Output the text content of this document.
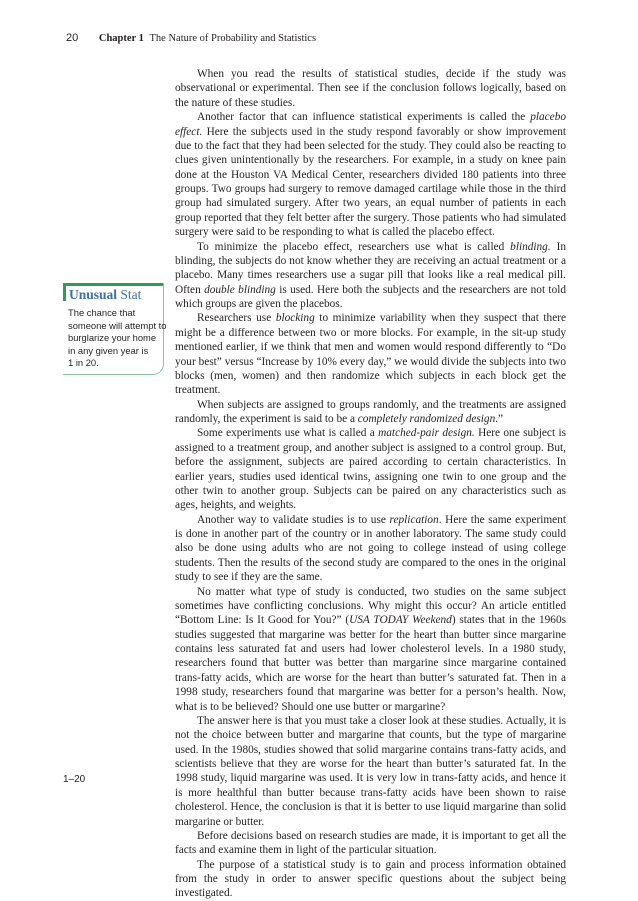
20 Chapter 1 The Nature of Probability and Statistics
Unusual Stat
The chance that
someone will attempt to
burglarize your home
in any given year is
1 in 20.

When you read the results of statistical studies, decide if the study was observational or experimental. Then see if the conclusion follows logically, based on the nature of these studies.

Another factor that can influence statistical experiments is called the placebo effect. Here the subjects used in the study respond favorably or show improvement due to the fact that they had been selected for the study. They could also be reacting to clues given unintentionally by the researchers. For example, in a study on knee pain done at the Houston VA Medical Center, researchers divided 180 patients into three groups. Two groups had surgery to remove damaged cartilage while those in the third group had simulated surgery. After two years, an equal number of patients in each group reported that they felt better after the surgery. Those patients who had simulated surgery were said to be responding to what is called the placebo effect.

To minimize the placebo effect, researchers use what is called blinding. In blinding, the subjects do not know whether they are receiving an actual treatment or a placebo. Many times researchers use a sugar pill that looks like a real medical pill. Often double blinding is used. Here both the subjects and the researchers are not told which groups are given the placebos.

Researchers use blocking to minimize variability when they suspect that there might be a difference between two or more blocks. For example, in the sit-up study mentioned earlier, if we think that men and women would respond differently to “Do your best” versus “Increase by 10% every day,” we would divide the subjects into two blocks (men, women) and then randomize which subjects in each block get the treatment.

When subjects are assigned to groups randomly, and the treatments are assigned randomly, the experiment is said to be a completely randomized design.”

Some experiments use what is called a matched-pair design. Here one subject is assigned to a treatment group, and another subject is assigned to a control group. But, before the assignment, subjects are paired according to certain characteristics. In earlier years, studies used identical twins, assigning one twin to one group and the other twin to another group. Subjects can be paired on any characteristics such as ages, heights, and weights.

Another way to validate studies is to use replication. Here the same experiment is done in another part of the country or in another laboratory. The same study could also be done using adults who are not going to college instead of using college students. Then the results of the second study are compared to the ones in the original study to see if they are the same.

No matter what type of study is conducted, two studies on the same subject sometimes have conflicting conclusions. Why might this occur? An article entitled “Bottom Line: Is It Good for You?” (USA TODAY Weekend) states that in the 1960s studies suggested that margarine was better for the heart than butter since margarine contains less saturated fat and users had lower cholesterol levels. In a 1980 study, researchers found that butter was better than margarine since margarine contained trans-fatty acids, which are worse for the heart than butter’s saturated fat. Then in a 1998 study, researchers found that margarine was better for a person’s health. Now, what is to be believed? Should one use butter or margarine?

The answer here is that you must take a closer look at these studies. Actually, it is not the choice between butter and margarine that counts, but the type of margarine used. In the 1980s, studies showed that solid margarine contains trans-fatty acids, and scientists believe that they are worse for the heart than butter’s saturated fat. In the 1998 study, liquid margarine was used. It is very low in trans-fatty acids, and hence it is more healthful than butter because trans-fatty acids have been shown to raise cholesterol. Hence, the conclusion is that it is better to use liquid margarine than solid margarine or butter.

Before decisions based on research studies are made, it is important to get all the facts and examine them in light of the particular situation.

The purpose of a statistical study is to gain and process information obtained from the study in order to answer specific questions about the subject being investigated.

1–20
